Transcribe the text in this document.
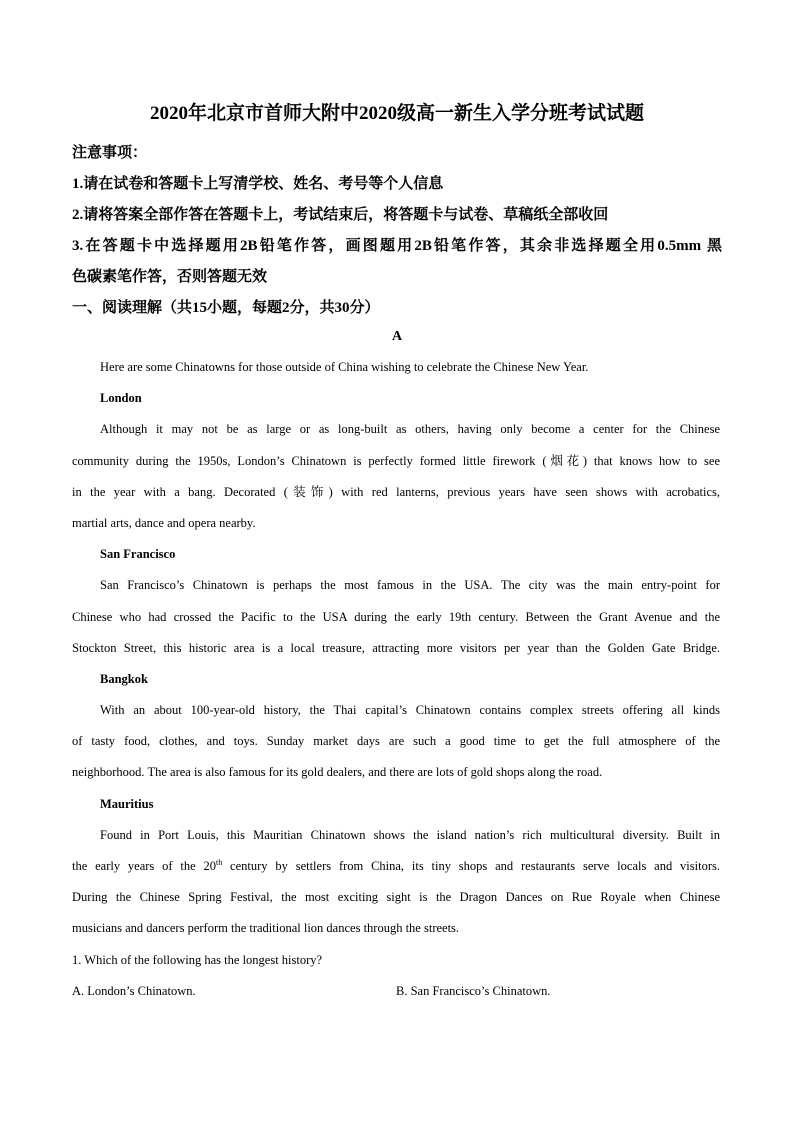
2020年北京市首师大附中2020级高一新生入学分班考试试题
注意事项：
1.请在试卷和答题卡上写清学校、姓名、考号等个人信息
2.请将答案全部作答在答题卡上，考试结束后，将答题卡与试卷、草稿纸全部收回
3.在答题卡中选择题用2B铅笔作答，画图题用2B铅笔作答，其余非选择题全用0.5mm 黑
色碳素笔作答，否则答题无效
一、阅读理解（共15小题，每题2分，共30分）
A
Here are some Chinatowns for those outside of China wishing to celebrate the Chinese New Year.
London
Although it may not be as large or as long-built as others, having only become a center for the Chinese
community during the 1950s, London’s Chinatown is perfectly formed little firework (烟花) that knows how to see
in the year with a bang. Decorated (装饰) with red lanterns, previous years have seen shows with acrobatics,
martial arts, dance and opera nearby.
San Francisco
San Francisco’s Chinatown is perhaps the most famous in the USA. The city was the main entry-point for
Chinese who had crossed the Pacific to the USA during the early 19th century. Between the Grant Avenue and the
Stockton Street, this historic area is a local treasure, attracting more visitors per year than the Golden Gate Bridge.
Bangkok
With an about 100-year-old history, the Thai capital’s Chinatown contains complex streets offering all kinds
of tasty food, clothes, and toys. Sunday market days are such a good time to get the full atmosphere of the
neighborhood. The area is also famous for its gold dealers, and there are lots of gold shops along the road.
Mauritius
Found in Port Louis, this Mauritian Chinatown shows the island nation’s rich multicultural diversity. Built in
the early years of the 20th century by settlers from China, its tiny shops and restaurants serve locals and visitors.
During the Chinese Spring Festival, the most exciting sight is the Dragon Dances on Rue Royale when Chinese
musicians and dancers perform the traditional lion dances through the streets.
1. Which of the following has the longest history?
A. London’s Chinatown.	B. San Francisco’s Chinatown.
